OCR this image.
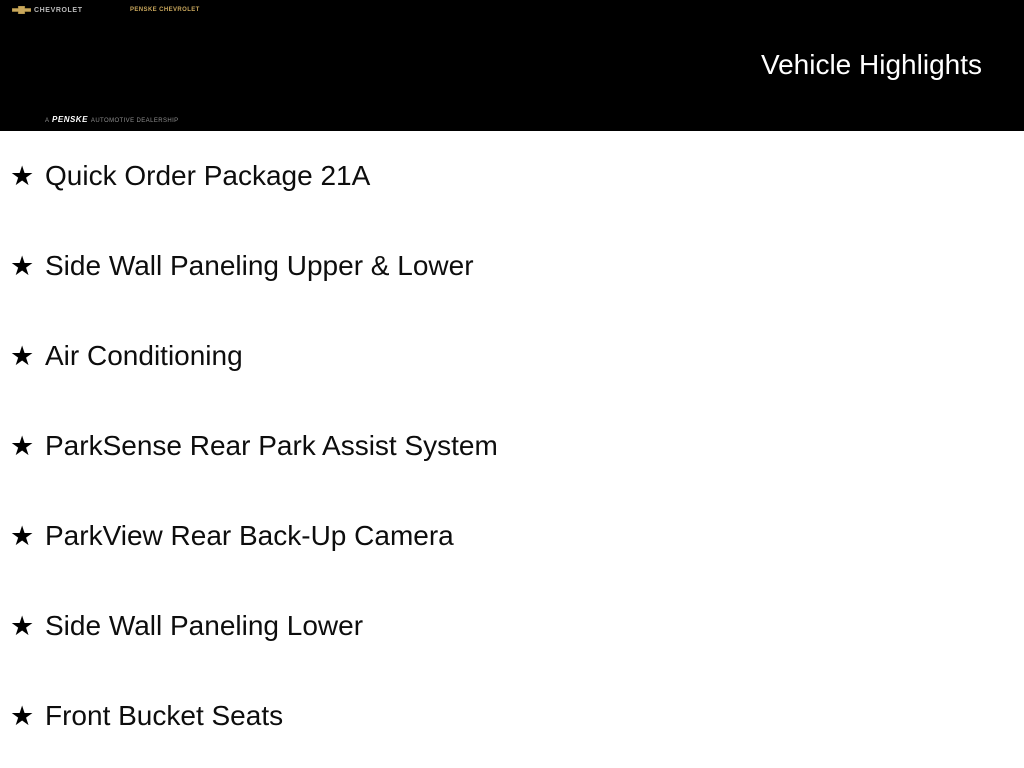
CHEVROLET	PENSKE CHEVROLET
A PENSKE AUTOMOTIVE DEALERSHIP
Vehicle Highlights
★ Quick Order Package 21A
★ Side Wall Paneling Upper & Lower
★ Air Conditioning
★ ParkSense Rear Park Assist System
★ ParkView Rear Back-Up Camera
★ Side Wall Paneling Lower
★ Front Bucket Seats
